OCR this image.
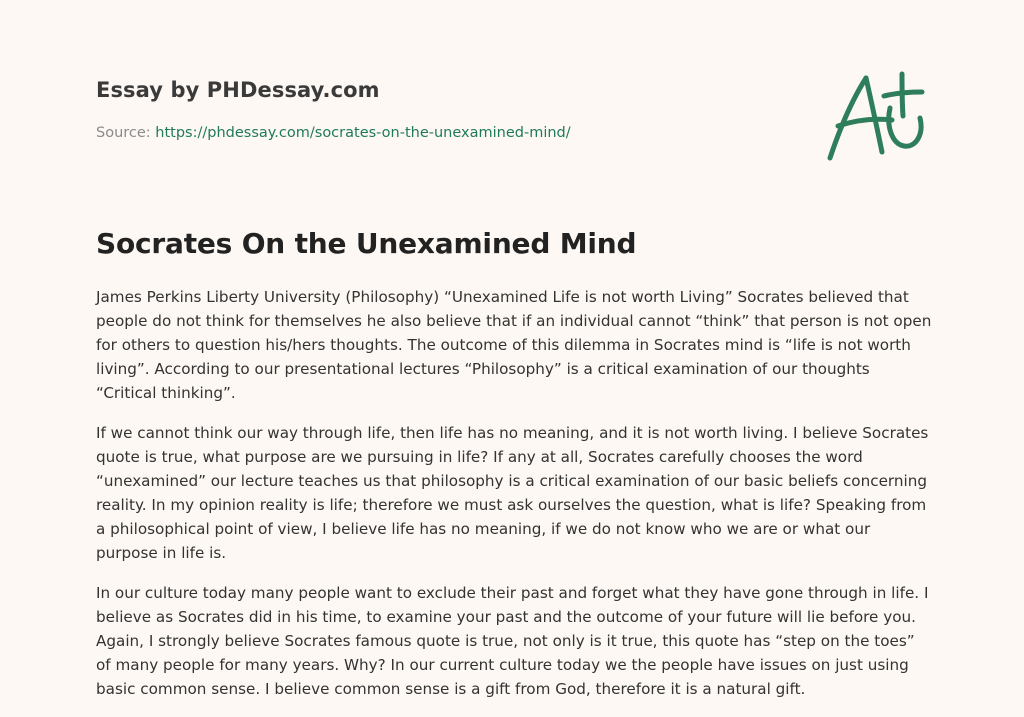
Essay by PHDessay.com
Source: https://phdessay.com/socrates-on-the-unexamined-mind/
Socrates On the Unexamined Mind

James Perkins Liberty University (Philosophy) “Unexamined Life is not worth Living” Socrates believed that people do not think for themselves he also believe that if an individual cannot “think” that person is not open for others to question his/hers thoughts. The outcome of this dilemma in Socrates mind is “life is not worth living”. According to our presentational lectures “Philosophy” is a critical examination of our thoughts “Critical thinking”.

If we cannot think our way through life, then life has no meaning, and it is not worth living. I believe Socrates quote is true, what purpose are we pursuing in life? If any at all, Socrates carefully chooses the word “unexamined” our lecture teaches us that philosophy is a critical examination of our basic beliefs concerning reality. In my opinion reality is life; therefore we must ask ourselves the question, what is life? Speaking from a philosophical point of view, I believe life has no meaning, if we do not know who we are or what our purpose in life is.

In our culture today many people want to exclude their past and forget what they have gone through in life. I believe as Socrates did in his time, to examine your past and the outcome of your future will lie before you. Again, I strongly believe Socrates famous quote is true, not only is it true, this quote has “step on the toes” of many people for many years. Why? In our current culture today we the people have issues on just using basic common sense. I believe common sense is a gift from God, therefore it is a natural gift.
